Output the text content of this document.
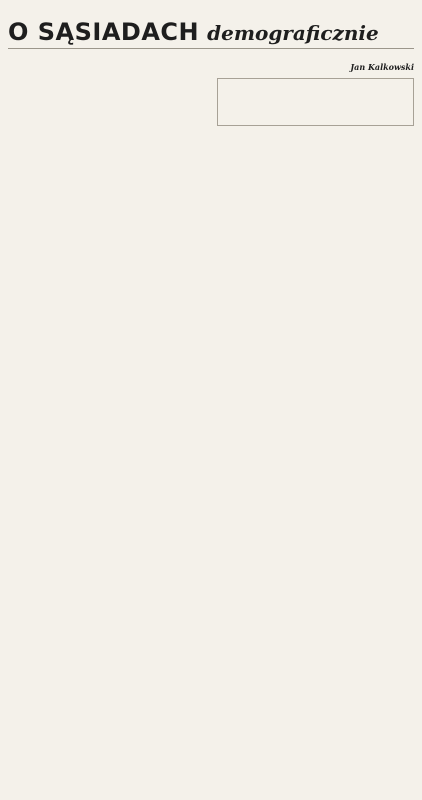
O SĄSIADACH demograficznie
Jan Kalkowski
